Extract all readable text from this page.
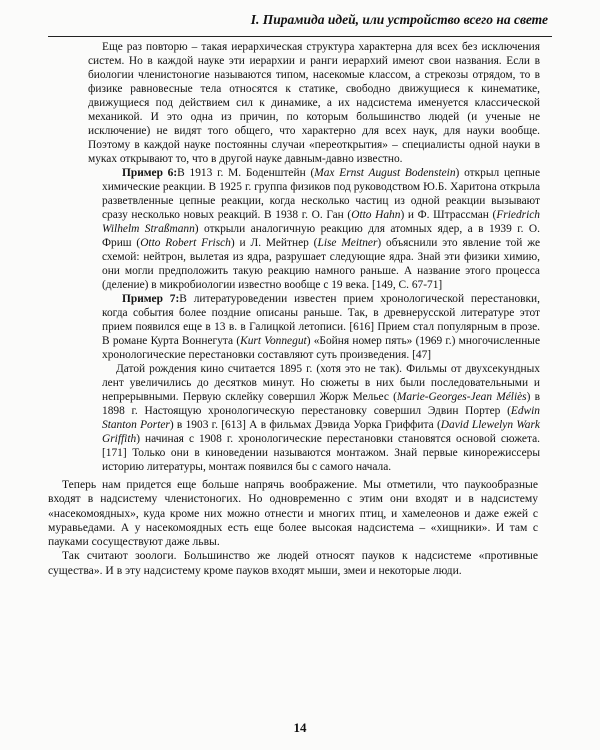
I. Пирамида идей, или устройство всего на свете

Еще раз повторю – такая иерархическая структура характерна для всех без исключения систем. Но в каждой науке эти иерархии и ранги иерархий имеют свои названия. Если в биологии членистоногие называются типом, насекомые классом, а стрекозы отрядом, то в физике равновесные тела относятся к статике, свободно движущиеся к кинематике, движущиеся под действием сил к динамике, а их надсистема именуется классической механикой. И это одна из причин, по которым большинство людей (и ученые не исключение) не видят того общего, что характерно для всех наук, для науки вообще. Поэтому в каждой науке постоянны случаи «переоткрытия» – специалисты одной науки в муках открывают то, что в другой науке давным-давно известно.

Пример 6:В 1913 г. М. Боденштейн (Max Ernst August Bodenstein) открыл цепные химические реакции. В 1925 г. группа физиков под руководством Ю.Б. Харитона открыла разветвленные цепные реакции, когда несколько частиц из одной реакции вызывают сразу несколько новых реакций. В 1938 г. О. Ган (Otto Hahn) и Ф. Штрассман (Friedrich Wilhelm Straßmann) открыли аналогичную реакцию для атомных ядер, а в 1939 г. О. Фриш (Otto Robert Frisch) и Л. Мейтнер (Lise Meitner) объяснили это явление той же схемой: нейтрон, вылетая из ядра, разрушает следующие ядра. Знай эти физики химию, они могли предположить такую реакцию намного раньше. А название этого процесса (деление) в микробиологии известно вообще с 19 века. [149, С. 67-71]

Пример 7:В литературоведении известен прием хронологической перестановки, когда события более поздние описаны раньше. Так, в древнерусской литературе этот прием появился еще в 13 в. в Галицкой летописи. [616] Прием стал популярным в прозе. В романе Курта Воннегута (Kurt Vonnegut) «Бойня номер пять» (1969 г.) многочисленные хронологические перестановки составляют суть произведения. [47]

Датой рождения кино считается 1895 г. (хотя это не так). Фильмы от двухсекундных лент увеличились до десятков минут. Но сюжеты в них были последовательными и непрерывными. Первую склейку совершил Жорж Мельес (Marie-Georges-Jean Méliès) в 1898 г. Настоящую хронологическую перестановку совершил Эдвин Портер (Edwin Stanton Porter) в 1903 г. [613] А в фильмах Дэвида Уорка Гриффита (David Llewelyn Wark Griffith) начиная с 1908 г. хронологические перестановки становятся основой сюжета. [171] Только они в киноведении называются монтажом. Знай первые кинорежиссеры историю литературы, монтаж появился бы с самого начала.

Теперь нам придется еще больше напрячь воображение. Мы отметили, что паукообразные входят в надсистему членистоногих. Но одновременно с этим они входят и в надсистему «насекомоядных», куда кроме них можно отнести и многих птиц, и хамелеонов и даже ежей с муравьедами. А у насекомоядных есть еще более высокая надсистема – «хищники». И там с пауками сосуществуют даже львы.

Так считают зоологи. Большинство же людей относят пауков к надсистеме «противные существа». И в эту надсистему кроме пауков входят мыши, змеи и некоторые люди.

14
